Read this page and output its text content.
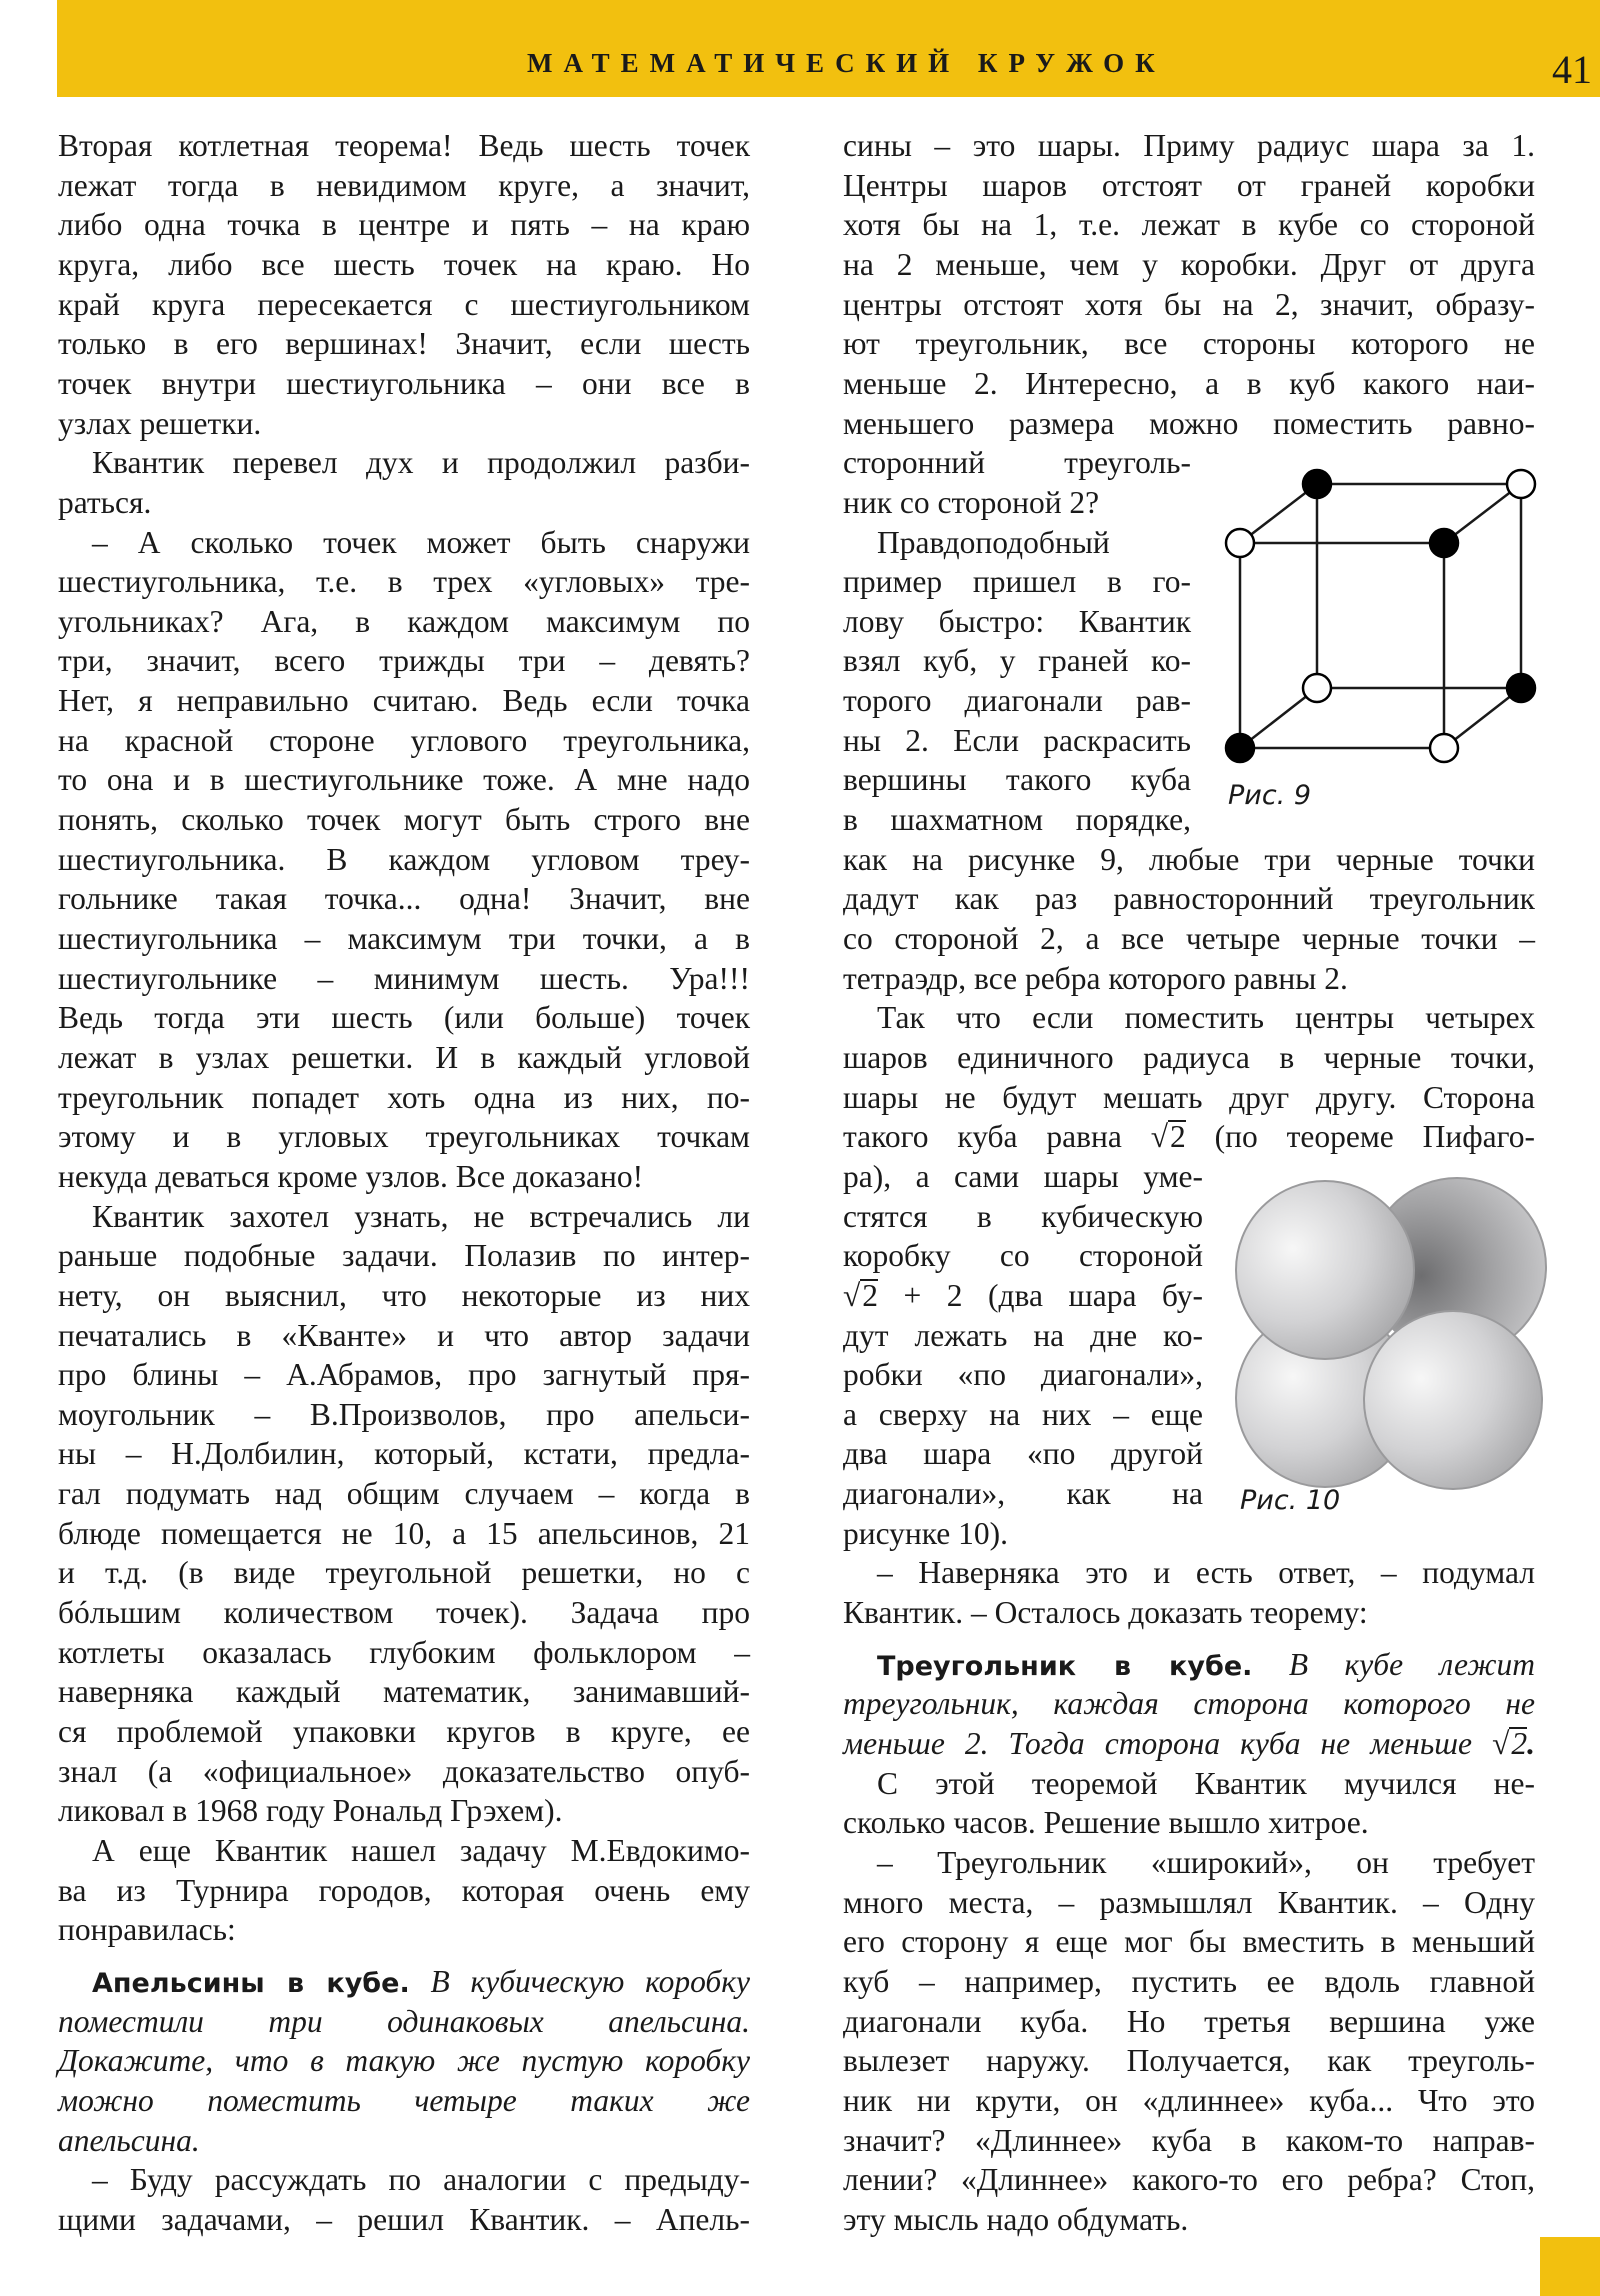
МАТЕМАТИЧЕСКИЙ КРУЖОК	41
Вторая котлетная теорема! Ведь шесть точек
лежат тогда в невидимом круге, а значит,
либо одна точка в центре и пять – на краю
круга, либо все шесть точек на краю. Но
край круга пересекается с шестиугольником
только в его вершинах! Значит, если шесть
точек внутри шестиугольника – они все в
узлах решетки.
Квантик перевел дух и продолжил разби-
раться.
– А сколько точек может быть снаружи
шестиугольника, т.е. в трех «угловых» тре-
угольниках? Ага, в каждом максимум по
три, значит, всего трижды три – девять?
Нет, я неправильно считаю. Ведь если точка
на красной стороне углового треугольника,
то она и в шестиугольнике тоже. А мне надо
понять, сколько точек могут быть строго вне
шестиугольника. В каждом угловом треу-
гольнике такая точка... одна! Значит, вне
шестиугольника – максимум три точки, а в
шестиугольнике – минимум шесть. Ура!!!
Ведь тогда эти шесть (или больше) точек
лежат в узлах решетки. И в каждый угловой
треугольник попадет хоть одна из них, по-
этому и в угловых треугольниках точкам
некуда деваться кроме узлов. Все доказано!
Квантик захотел узнать, не встречались ли
раньше подобные задачи. Полазив по интер-
нету, он выяснил, что некоторые из них
печатались в «Кванте» и что автор задачи
про блины – А.Абрамов, про загнутый пря-
моугольник – В.Произволов, про апельси-
ны – Н.Долбилин, который, кстати, предла-
гал подумать над общим случаем – когда в
блюде помещается не 10, а 15 апельсинов, 21
и т.д. (в виде треугольной решетки, но с
бóльшим количеством точек). Задача про
котлеты оказалась глубоким фольклором –
наверняка каждый математик, занимавший-
ся проблемой упаковки кругов в круге, ее
знал (а «официальное» доказательство опуб-
ликовал в 1968 году Рональд Грэхем).
А еще Квантик нашел задачу М.Евдокимо-
ва из Турнира городов, которая очень ему
понравилась:
Апельсины в кубе. В кубическую коробку
поместили три одинаковых апельсина.
Докажите, что в такую же пустую коробку
можно поместить четыре таких же
апельсина.
– Буду рассуждать по аналогии с предыду-
щими задачами, – решил Квантик. – Апель-
сины – это шары. Приму радиус шара за 1.
Центры шаров отстоят от граней коробки
хотя бы на 1, т.е. лежат в кубе со стороной
на 2 меньше, чем у коробки. Друг от друга
центры отстоят хотя бы на 2, значит, образу-
ют треугольник, все стороны которого не
меньше 2. Интересно, а в куб какого наи-
меньшего размера можно поместить равно-
сторонний треуголь-
ник со стороной 2?
Правдоподобный
пример пришел в го-
лову быстро: Квантик
взял куб, у граней ко-
торого диагонали рав-
ны 2. Если раскрасить
вершины такого куба
в шахматном порядке,
как на рисунке 9, любые три черные точки
дадут как раз равносторонний треугольник
со стороной 2, а все четыре черные точки –
тетраэдр, все ребра которого равны 2.
Так что если поместить центры четырех
шаров единичного радиуса в черные точки,
шары не будут мешать друг другу. Сторона
такого куба равна √2 (по теореме Пифаго-
ра), а сами шары уме-
стятся в кубическую
коробку со стороной
√2 + 2 (два шара бу-
дут лежать на дне ко-
робки «по диагонали»,
а сверху на них – еще
два шара «по другой
диагонали», как на
рисунке 10).
– Наверняка это и есть ответ, – подумал
Квантик. – Осталось доказать теорему:
Треугольник в кубе. В кубе лежит
треугольник, каждая сторона которого не
меньше 2. Тогда сторона куба не меньше √2.
С этой теоремой Квантик мучился не-
сколько часов. Решение вышло хитрое.
– Треугольник «широкий», он требует
много места, – размышлял Квантик. – Одну
его сторону я еще мог бы вместить в меньший
куб – например, пустить ее вдоль главной
диагонали куба. Но третья вершина уже
вылезет наружу. Получается, как треуголь-
ник ни крути, он «длиннее» куба... Что это
значит? «Длиннее» куба в каком-то направ-
лении? «Длиннее» какого-то его ребра? Стоп,
эту мысль надо обдумать.
Рис. 9
Рис. 10
